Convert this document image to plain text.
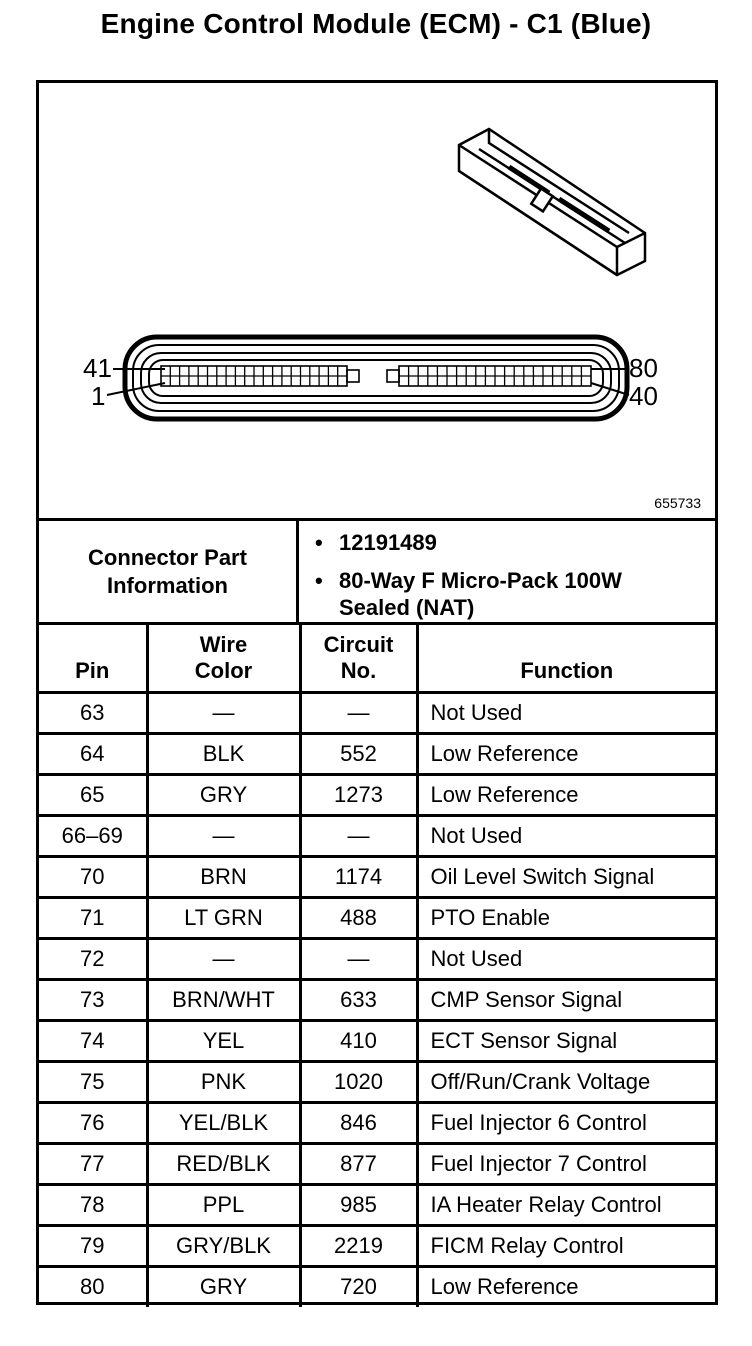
Engine Control Module (ECM) - C1 (Blue)
41
1
80
40
655733
Connector Part Information
• 12191489
• 80-Way F Micro-Pack 100W Sealed (NAT)
Pin	Wire Color	Circuit No.	Function
63	—	—	Not Used
64	BLK	552	Low Reference
65	GRY	1273	Low Reference
66–69	—	—	Not Used
70	BRN	1174	Oil Level Switch Signal
71	LT GRN	488	PTO Enable
72	—	—	Not Used
73	BRN/WHT	633	CMP Sensor Signal
74	YEL	410	ECT Sensor Signal
75	PNK	1020	Off/Run/Crank Voltage
76	YEL/BLK	846	Fuel Injector 6 Control
77	RED/BLK	877	Fuel Injector 7 Control
78	PPL	985	IA Heater Relay Control
79	GRY/BLK	2219	FICM Relay Control
80	GRY	720	Low Reference
